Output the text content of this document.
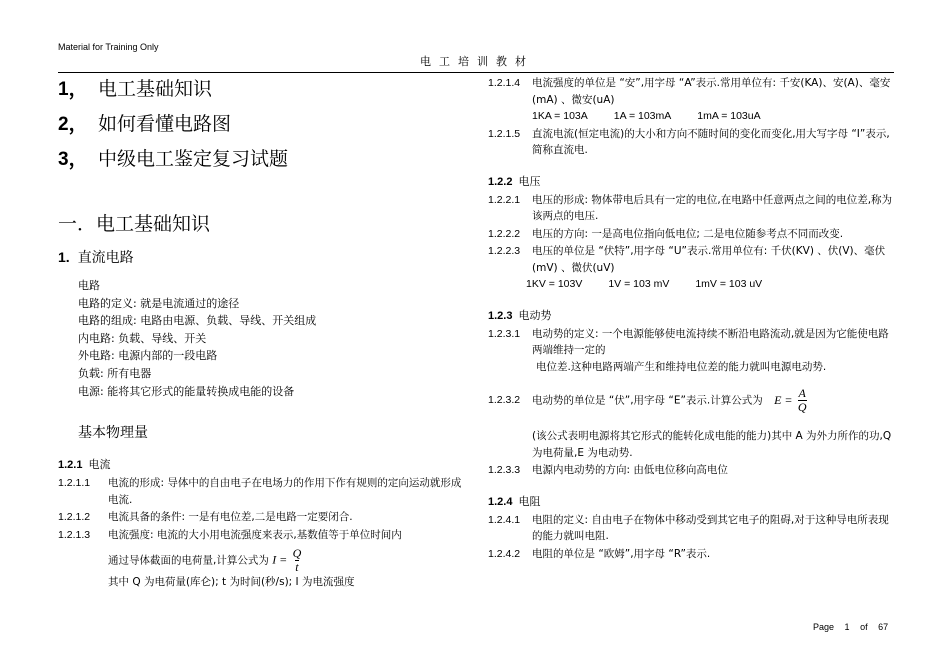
Material for Training Only
电工培训教材
1， 电工基础知识
2， 如何看懂电路图
3， 中级电工鉴定复习试题
一．电工基础知识
1. 直流电路
电路
电路的定义: 就是电流通过的途径
电路的组成: 电路由电源、负载、导线、开关组成
内电路: 负载、导线、开关
外电路: 电源内部的一段电路
负载: 所有电器
电源: 能将其它形式的能量转换成电能的设备
基本物理量
1.2.1 电流
1.2.1.1	电流的形成: 导体中的自由电子在电场力的作用下作有规则的定向运动就形成电流.
1.2.1.2	电流具备的条件: 一是有电位差,二是电路一定要闭合.
1.2.1.3	电流强度: 电流的大小用电流强度来表示,基数值等于单位时间内
通过导体截面的电荷量,计算公式为 $I = \frac{Q}{t}$
其中 Q 为电荷量(库仑); t 为时间(秒/s); I 为电流强度
1.2.1.4	电流强度的单位是 “安”,用字母 “A”表示.常用单位有: 千安(KA)、安(A)、毫安(mA) 、微安(uA)
1KA = 103A 1A = 103mA 1mA = 103uA
1.2.1.5	直流电流(恒定电流)的大小和方向不随时间的变化而变化,用大写字母 “I”表示,简称直流电.
1.2.2 电压
1.2.2.1	电压的形成: 物体带电后具有一定的电位,在电路中任意两点之间的电位差,称为该两点的电压.
1.2.2.2	电压的方向: 一是高电位指向低电位; 二是电位随参考点不同而改变.
1.2.2.3	电压的单位是 “伏特”,用字母 “U”表示.常用单位有: 千伏(KV) 、伏(V)、毫伏(mV) 、微伏(uV)
1KV = 103V 1V = 103 mV 1mV = 103 uV
1.2.3 电动势
1.2.3.1	电动势的定义: 一个电源能够使电流持续不断沿电路流动,就是因为它能使电路两端维持一定的
电位差.这种电路两端产生和维持电位差的能力就叫电源电动势.
1.2.3.2	电动势的单位是 “伏”,用字母 “E”表示.计算公式为 $E = \frac{A}{Q}$
(该公式表明电源将其它形式的能转化成电能的能力)其中 A 为外力所作的功,Q 为电荷量,E 为电动势.
1.2.3.3	电源内电动势的方向: 由低电位移向高电位
1.2.4 电阻
1.2.4.1	电阻的定义: 自由电子在物体中移动受到其它电子的阻碍,对于这种导电所表现的能力就叫电阻.
1.2.4.2	电阻的单位是 “欧姆”,用字母 “R”表示.
Page 1 of 67
